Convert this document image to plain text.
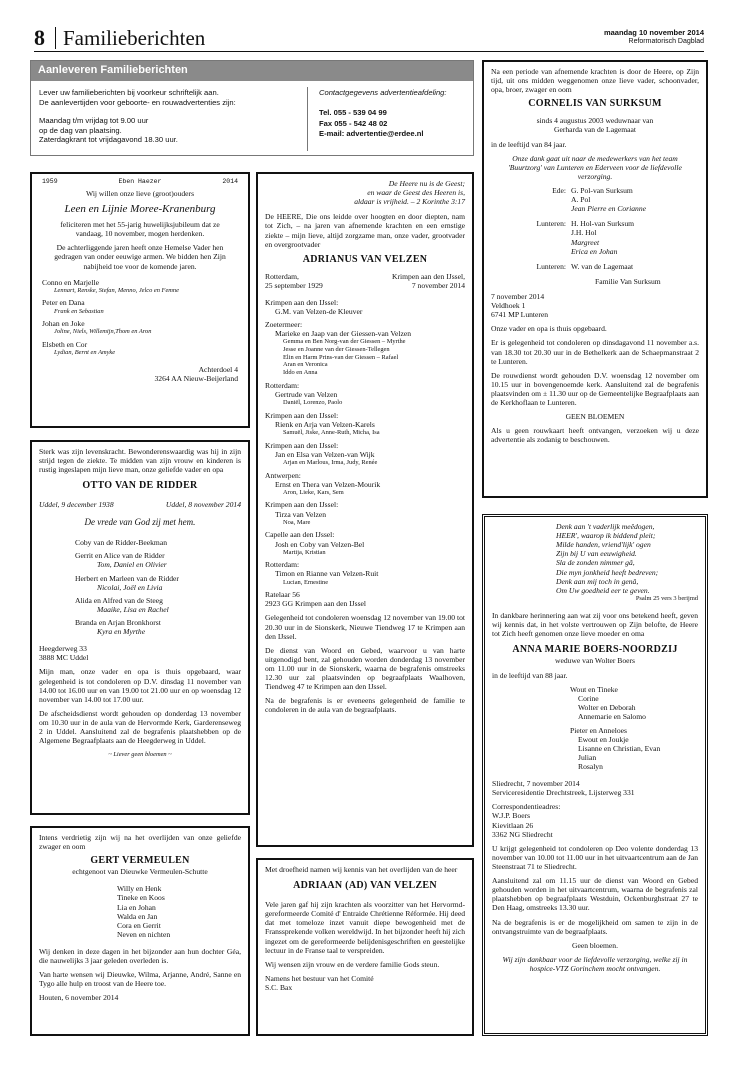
8 Familieberichten	maandag 10 november 2014
Reformatorisch Dagblad
Aanleveren Familieberichten
Lever uw familieberichten bij voorkeur schriftelijk aan.
De aanlevertijden voor geboorte- en rouwadvertenties zijn:
Maandag t/m vrijdag tot 9.00 uur
op de dag van plaatsing.
Zaterdagkrant tot vrijdagavond 18.30 uur.
Contactgegevens advertentieafdeling:
Tel. 055 - 539 04 99
Fax 055 - 542 48 02
E-mail: advertentie@erdee.nl
1959	Eben Haezer	2014
Wij willen onze lieve (groot)ouders
Leen en Lijnie Moree-Kranenburg
feliciteren met het 55-jarig huwelijksjubileum dat ze vandaag, 10 november, mogen herdenken.
De achterliggende jaren heeft onze Hemelse Vader hen gedragen van onder eeuwige armen. We bidden hen Zijn nabijheid toe voor de komende jaren.
Conno en Marjelle
Lennart, Renske, Stefan, Menno, Jelco en Femne
Peter en Dana
Frank en Sebastian
Johan en Joke
Joline, Niels, Willemijn,Thom en Aron
Elsbeth en Cor
Lydian, Bernt en Amyke
Achterdoel 4
3264 AA Nieuw-Beijerland
Sterk was zijn levenskracht. Bewonderenswaardig was hij in zijn strijd tegen de ziekte. Te midden van zijn vrouw en kinderen is rustig ingeslapen mijn lieve man, onze geliefde vader en opa
OTTO VAN DE RIDDER
Uddel, 9 december 1938	Uddel, 8 november 2014
De vrede van God zij met hem.
Coby van de Ridder-Beekman
Gerrit en Alice van de Ridder
Tom, Daniel en Olivier
Herbert en Marleen van de Ridder
Nicolai, Joël en Livia
Alida en Alfred van de Steeg
Maaike, Lisa en Rachel
Branda en Arjan Bronkhorst
Kyra en Myrthe
Heegderweg 33
3888 MC Uddel
Mijn man, onze vader en opa is thuis opgebaard, waar gelegenheid is tot condoleren op D.V. dinsdag 11 november van 14.00 tot 16.00 uur en van 19.00 tot 21.00 uur en op woensdag 12 november van 14.00 tot 17.00 uur.
De afscheidsdienst wordt gehouden op donderdag 13 november om 10.30 uur in de aula van de Hervormde Kerk, Garderenseweg 2 in Uddel. Aansluitend zal de begrafenis plaatshebben op de Algemene Begraafplaats aan de Heegderweg in Uddel.
~ Liever geen bloemen ~
Intens verdrietig zijn wij na het overlijden van onze geliefde zwager en oom
GERT VERMEULEN
echtgenoot van Dieuwke Vermeulen-Schutte
Willy en Henk
Tineke en Koos
Lia en Johan
Walda en Jan
Cora en Gerrit
Neven en nichten
Wij denken in deze dagen in het bijzonder aan hun dochter Géa, die nauwelijks 3 jaar geleden overleden is.
Van harte wensen wij Dieuwke, Wilma, Arjanne, André, Sanne en Tygo alle hulp en troost van de Heere toe.
Houten, 6 november 2014
De Heere nu is de Geest;
en waar de Geest des Heeren is,
aldaar is vrijheid. – 2 Korinthe 3:17
De HEERE, Die ons leidde over hoogten en door diepten, nam tot Zich, – na jaren van afnemende krachten en een ernstige ziekte – mijn lieve, altijd zorgzame man, onze vader, grootvader en overgrootvader
ADRIANUS VAN VELZEN
Rotterdam,	Krimpen aan den IJssel,
25 september 1929	7 november 2014
Krimpen aan den IJssel:
G.M. van Velzen-de Kleuver
Zoetermeer:
Marieke en Jaap van der Giessen-van Velzen
Gemma en Ben Norg-van der Giessen – Myrthe
Jesse en Joanne van der Giessen-Tellegen
Elin en Harm Prins-van der Giessen – Rafael
Aran en Veronica
Iddo en Anna
Rotterdam:
Gertrude van Velzen
Daniël, Lorenzo, Paolo
Krimpen aan den IJssel:
Rienk en Arja van Velzen-Karels
Samuël, Jiske, Anne-Ruth, Micha, Isa
Krimpen aan den IJssel:
Jan en Elsa van Velzen-van Wijk
Arjan en Marlous, Irma, Judy, Renée
Antwerpen:
Ernst en Thera van Velzen-Mourik
Aron, Lieke, Kars, Sem
Krimpen aan den IJssel:
Tirza van Velzen
Noa, Mare
Capelle aan den IJssel:
Josh en Coby van Velzen-Bel
Martija, Kristian
Rotterdam:
Timon en Rianne van Velzen-Ruit
Lucian, Ernestine
Ratelaar 56
2923 GG Krimpen aan den IJssel
Gelegenheid tot condoleren woensdag 12 november van 19.00 tot 20.30 uur in de Sionskerk, Nieuwe Tiendweg 17 te Krimpen aan den IJssel.
De dienst van Woord en Gebed, waarvoor u van harte uitgenodigd bent, zal gehouden worden donderdag 13 november om 11.00 uur in de Sionskerk, waarna de begrafenis omstreeks 12.30 uur zal plaatsvinden op begraafplaats Waalhoven, Tiendweg 47 te Krimpen aan den IJssel.
Na de begrafenis is er eveneens gelegenheid de familie te condoleren in de aula van de begraafplaats.
Met droefheid namen wij kennis van het overlijden van de heer
ADRIAAN (AD) VAN VELZEN
Vele jaren gaf hij zijn krachten als voorzitter van het Hervormd-gereformeerde Comité d' Entraide Chrétienne Réformée. Hij deed dat met tomeloze inzet vanuit diepe bewogenheid met de Franssprekende volken wereldwijd. In het bijzonder heeft hij zich ingezet om de gereformeerde belijdenisgeschriften en geestelijke lectuur in de Franse taal te verspreiden.
Wij wensen zijn vrouw en de verdere familie Gods steun.
Namens het bestuur van het Comité
S.C. Bax
Na een periode van afnemende krachten is door de Heere, op Zijn tijd, uit ons midden weggenomen onze lieve vader, schoonvader, opa, broer, zwager en oom
CORNELIS VAN SURKSUM
sinds 4 augustus 2003 weduwnaar van
Gerharda van de Lagemaat
in de leeftijd van 84 jaar.
Onze dank gaat uit naar de medewerkers van het team 'Buurtzorg' van Lunteren en Ederveen voor de liefdevolle verzorging.
Ede: G. Pol-van Surksum
A. Pol
Jean Pierre en Corianne
Lunteren: H. Hol-van Surksum
J.H. Hol
Margreet
Erica en Johan
Lunteren: W. van de Lagemaat
Familie Van Surksum
7 november 2014
Veldhoek 1
6741 MP Lunteren
Onze vader en opa is thuis opgebaard.
Er is gelegenheid tot condoleren op dinsdagavond 11 november a.s. van 18.30 tot 20.30 uur in de Bethelkerk aan de Schaepmanstraat 2 te Lunteren.
De rouwdienst wordt gehouden D.V. woensdag 12 november om 10.15 uur in bovengenoemde kerk. Aansluitend zal de begrafenis plaatsvinden om ± 11.30 uur op de Gemeentelijke Begraafplaats aan de Kerkhoflaan te Lunteren.
GEEN BLOEMEN
Als u geen rouwkaart heeft ontvangen, verzoeken wij u deze advertentie als zodanig te beschouwen.
Denk aan 't vaderlijk meêdogen,
HEER', waarop ik biddend pleit;
Milde handen, vriend'lijk' ogen
Zijn bij U van eeuwigheid.
Sla de zonden nimmer gâ,
Die myn jonkheid heeft bedreven;
Denk aan mij toch in genâ,
Om Uw goedheid eer te geven.
Psalm 25 vers 3 berijmd
In dankbare herinnering aan wat zij voor ons betekend heeft, geven wij kennis dat, in het volste vertrouwen op Zijn belofte, de Heere tot Zich heeft genomen onze lieve moeder en oma
ANNA MARIE BOERS-NOORDZIJ
weduwe van Wolter Boers
in de leeftijd van 88 jaar.
Wout en Tineke
Corine
Wolter en Deborah
Annemarie en Salomo
Pieter en Anneloes
Ewout en Joukje
Lisanne en Christian, Evan
Julian
Rosalyn
Sliedrecht, 7 november 2014
Serviceresidentie Drechtstreek, Lijsterweg 331
Correspondentieadres:
W.J.P. Boers
Kievitlaan 26
3362 NG Sliedrecht
U krijgt gelegenheid tot condoleren op Deo volente donderdag 13 november van 10.00 tot 11.00 uur in het uitvaartcentrum aan de Jan Steenstraat 71 te Sliedrecht.
Aansluitend zal om 11.15 uur de dienst van Woord en Gebed gehouden worden in het uitvaartcentrum, waarna de begrafenis zal plaatshebben op begraafplaats Westduin, Ockenburghstraat 27 te Den Haag, omstreeks 13.30 uur.
Na de begrafenis is er de mogelijkheid om samen te zijn in de ontvangstruimte van de begraafplaats.
Geen bloemen.
Wij zijn dankbaar voor de liefdevolle verzorging, welke zij in hospice-VTZ Gorinchem mocht ontvangen.
